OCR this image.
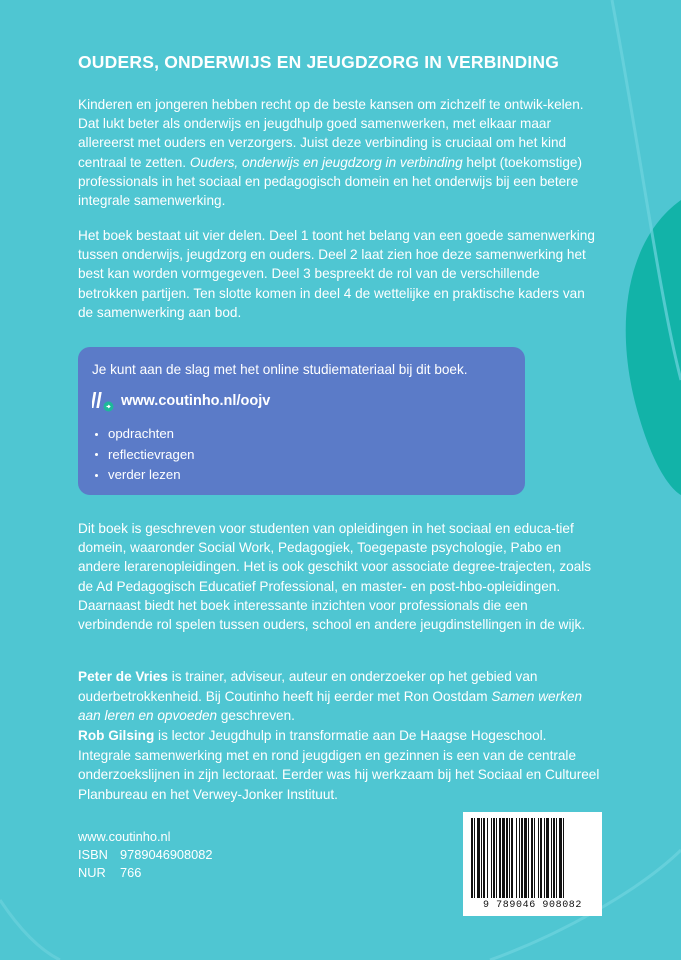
OUDERS, ONDERWIJS EN JEUGDZORG IN VERBINDING

Kinderen en jongeren hebben recht op de beste kansen om zichzelf te ontwik-kelen. Dat lukt beter als onderwijs en jeugdhulp goed samenwerken, met elkaar maar allereerst met ouders en verzorgers. Juist deze verbinding is cruciaal om het kind centraal te zetten. Ouders, onderwijs en jeugdzorg in verbinding helpt (toekomstige) professionals in het sociaal en pedagogisch domein en het onderwijs bij een betere integrale samenwerking.

Het boek bestaat uit vier delen. Deel 1 toont het belang van een goede samenwerking tussen onderwijs, jeugdzorg en ouders. Deel 2 laat zien hoe deze samenwerking het best kan worden vormgegeven. Deel 3 bespreekt de rol van de verschillende betrokken partijen. Ten slotte komen in deel 4 de wettelijke en praktische kaders van de samenwerking aan bod.

Je kunt aan de slag met het online studiemateriaal bij dit boek.

www.coutinho.nl/oojv
opdrachten
reflectievragen
verder lezen

Dit boek is geschreven voor studenten van opleidingen in het sociaal en educa-tief domein, waaronder Social Work, Pedagogiek, Toegepaste psychologie, Pabo en andere lerarenopleidingen. Het is ook geschikt voor associate degree-trajecten, zoals de Ad Pedagogisch Educatief Professional, en master- en post-hbo-opleidingen. Daarnaast biedt het boek interessante inzichten voor professionals die een verbindende rol spelen tussen ouders, school en andere jeugdinstellingen in de wijk.

Peter de Vries is trainer, adviseur, auteur en onderzoeker op het gebied van ouderbetrokkenheid. Bij Coutinho heeft hij eerder met Ron Oostdam Samen werken aan leren en opvoeden geschreven.

Rob Gilsing is lector Jeugdhulp in transformatie aan De Haagse Hogeschool. Integrale samenwerking met en rond jeugdigen en gezinnen is een van de centrale onderzoekslijnen in zijn lectoraat. Eerder was hij werkzaam bij het Sociaal en Cultureel Planbureau en het Verwey-Jonker Instituut.

www.coutinho.nl
ISBN 9789046908082
NUR	766
9 789046 908082
